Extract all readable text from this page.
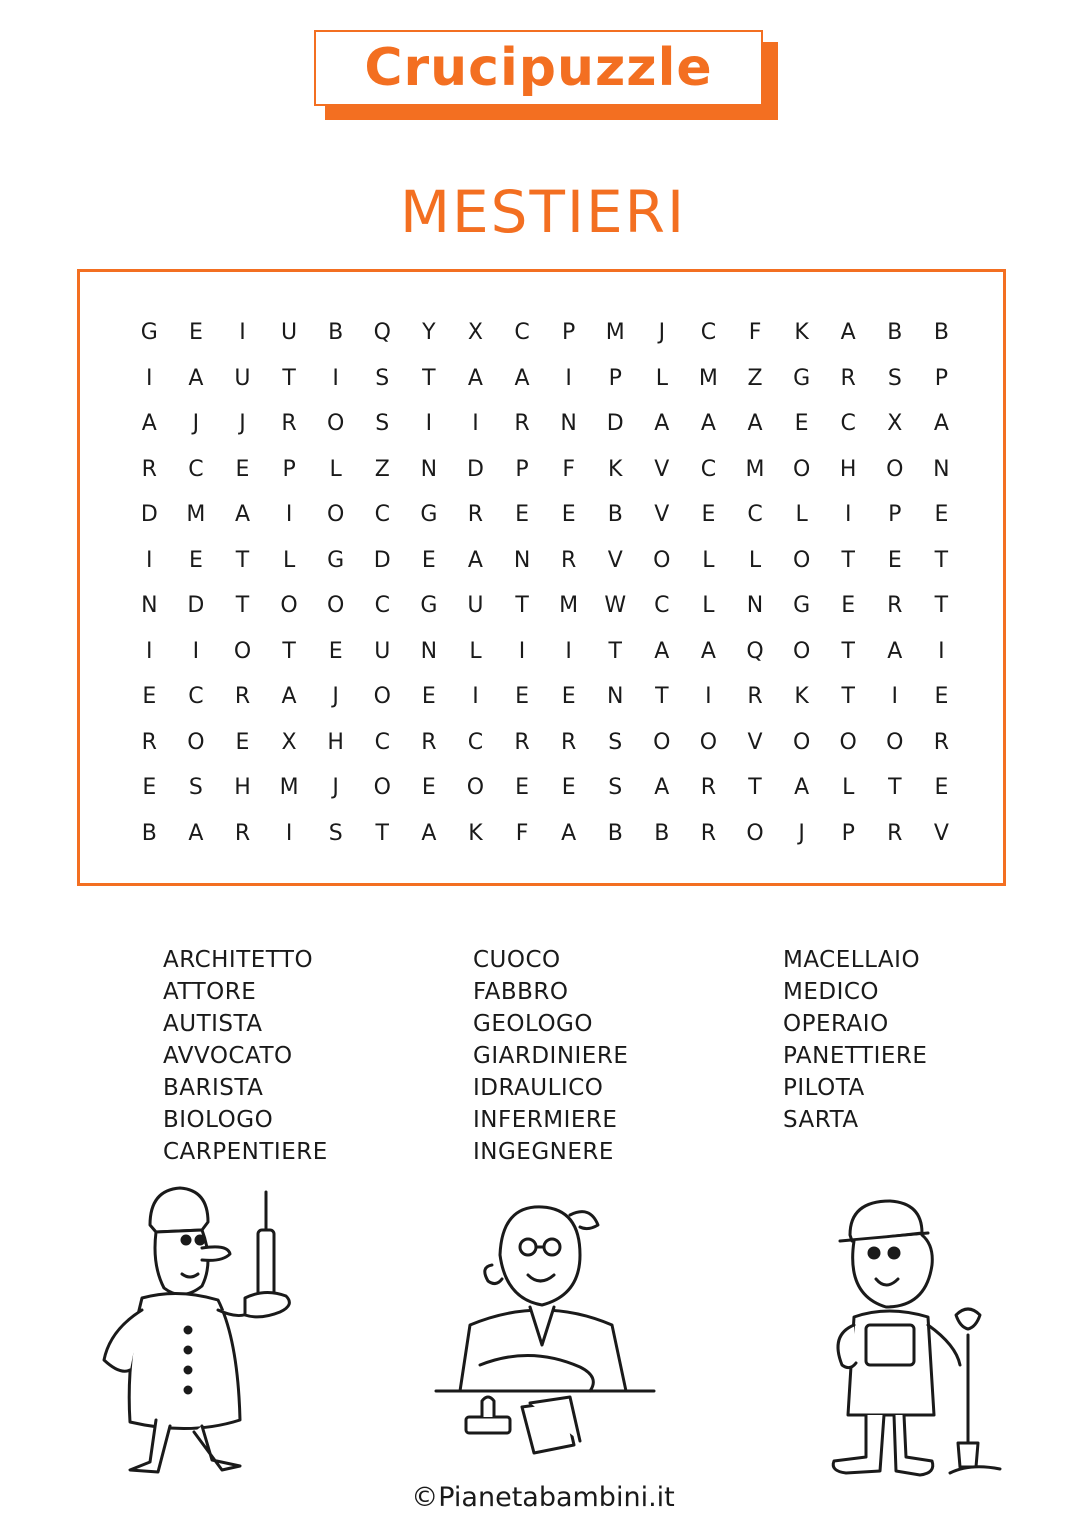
Crucipuzzle
MESTIERI
G	E	I	U	B	Q	Y	X	C	P	M	J	C	F	K	A	B	B
I	A	U	T	I	S	T	A	A	I	P	L	M	Z	G	R	S	P
A	J	J	R	O	S	I	I	R	N	D	A	A	A	E	C	X	A
R	C	E	P	L	Z	N	D	P	F	K	V	C	M	O	H	O	N
D	M	A	I	O	C	G	R	E	E	B	V	E	C	L	I	P	E
I	E	T	L	G	D	E	A	N	R	V	O	L	L	O	T	E	T
N	D	T	O	O	C	G	U	T	M	W	C	L	N	G	E	R	T
I	I	O	T	E	U	N	L	I	I	T	A	A	Q	O	T	A	I
E	C	R	A	J	O	E	I	E	E	N	T	I	R	K	T	I	E
R	O	E	X	H	C	R	C	R	R	S	O	O	V	O	O	O	R
E	S	H	M	J	O	E	O	E	E	S	A	R	T	A	L	T	E
B	A	R	I	S	T	A	K	F	A	B	B	R	O	J	P	R	V
ARCHITETTO
ATTORE
AUTISTA
AVVOCATO
BARISTA
BIOLOGO
CARPENTIERE
CUOCO
FABBRO
GEOLOGO
GIARDINIERE
IDRAULICO
INFERMIERE
INGEGNERE
MACELLAIO
MEDICO
OPERAIO
PANETTIERE
PILOTA
SARTA
©Pianetabambini.it
